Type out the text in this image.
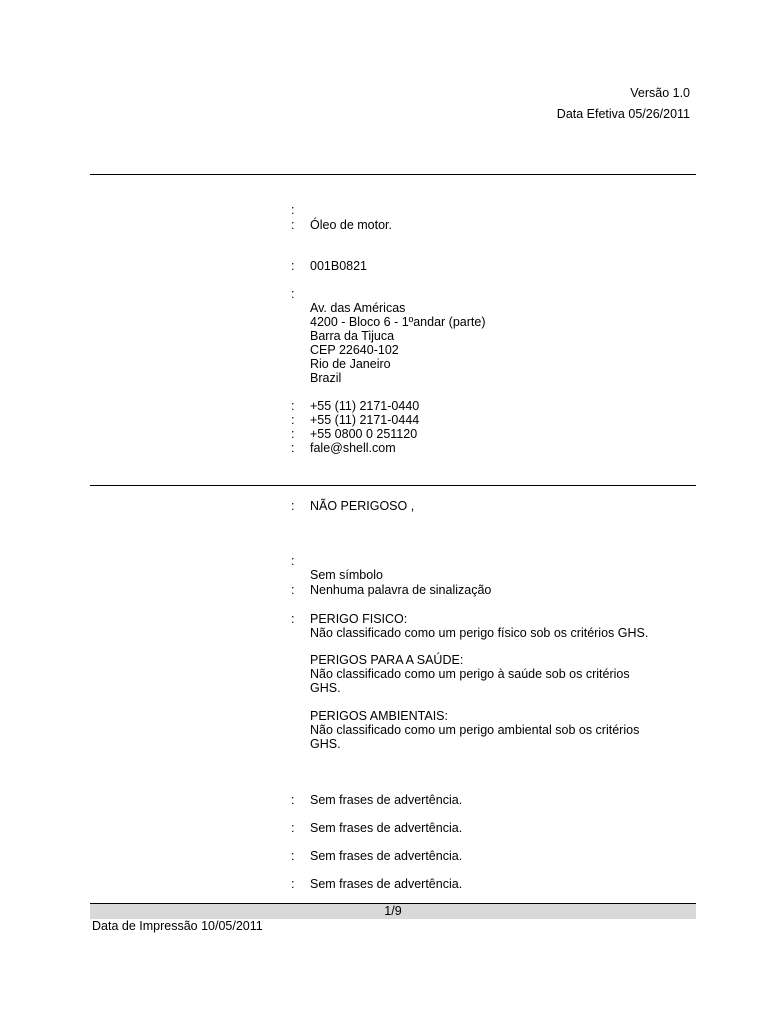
Versão 1.0
Data Efetiva 05/26/2011
:
: Óleo de motor.
: 001B0821
:
Av. das Américas
4200 - Bloco 6 - 1ºandar (parte)
Barra da Tijuca
CEP 22640-102
Rio de Janeiro
Brazil
: +55 (11) 2171-0440
: +55 (11) 2171-0444
: +55 0800 0 251120
: fale@shell.com
: NÃO PERIGOSO ,
:
Sem símbolo
: Nenhuma palavra de sinalização
: PERIGO FISICO:
Não classificado como um perigo físico sob os critérios GHS.
PERIGOS PARA A SAÚDE:
Não classificado como um perigo à saúde sob os critérios
GHS.
PERIGOS AMBIENTAIS:
Não classificado como um perigo ambiental sob os critérios
GHS.
: Sem frases de advertência.
: Sem frases de advertência.
: Sem frases de advertência.
: Sem frases de advertência.
1/9
Data de Impressão 10/05/2011
